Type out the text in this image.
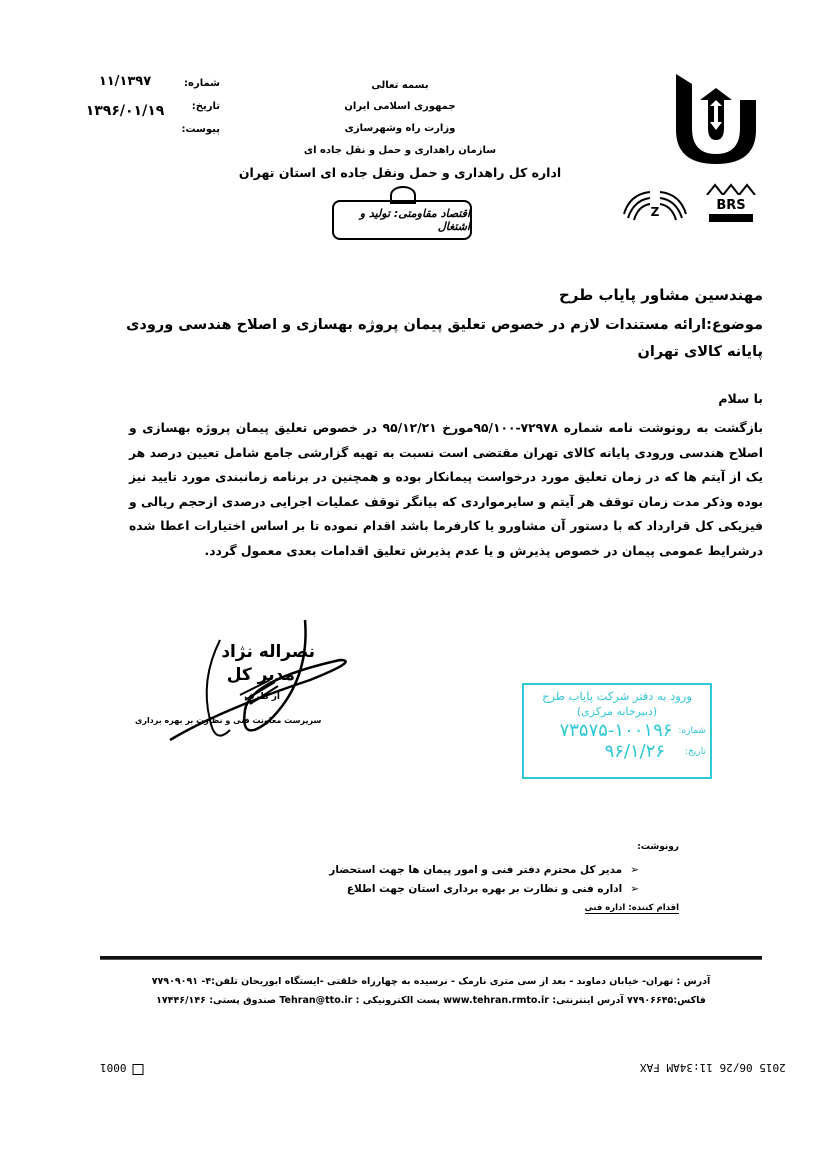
Z	BRS
بسمه تعالی
جمهوری اسلامی ایران
وزارت راه وشهرسازی
سازمان راهداری و حمل و نقل جاده ای
اداره کل راهداری و حمل ونقل جاده ای استان تهران
اقتصاد مقاومتی: تولید و اشتغال
شماره:
۱۱/۱۳۹۷
تاریخ:
۱۳۹۶/۰۱/۱۹
پیوست:
مهندسین مشاور پایاب طرح
موضوع:ارائه مستندات لازم در خصوص تعلیق پیمان پروژه بهسازی و اصلاح هندسی ورودی پایانه کالای تهران
با سلام
بازگشت به رونوشت نامه شماره ۷۲۹۷۸-۹۵/۱۰۰مورخ ۹۵/۱۲/۲۱ در خصوص تعلیق پیمان پروژه بهسازی و اصلاح هندسی ورودی پایانه کالای تهران مقتضی است نسبت به تهیه گزارشی جامع شامل تعیین درصد هر یک از آیتم ها که در زمان تعلیق مورد درخواست پیمانکار بوده و همچنین در برنامه زمانبندی مورد تایید نیز بوده وذکر مدت زمان توقف هر آیتم و سایرمواردی که بیانگر توقف عملیات اجرایی درصدی ازحجم ریالی و فیزیکی کل قرارداد که با دستور آن مشاورو یا کارفرما باشد اقدام نموده تا بر اساس اختیارات اعطا شده درشرایط عمومی پیمان در خصوص پذیرش و یا عدم پذیرش تعلیق اقدامات بعدی معمول گردد.
نصراله نژاد
مدیر کل
از طرف
سرپرست معاونت فنی و نظارت بر بهره برداری
ورود به دفتر شرکت پایاب طرح
(دبیرخانه مرکزی)
شماره:
۷۳۵۷۵-۱۰۰۱۹۶
تاریخ:
۹۶/۱/۲۶
رونوشت:
➢مدیر کل محترم دفتر فنی و امور پیمان ها جهت استحضار
➢اداره فنی و نظارت بر بهره برداری استان جهت اطلاع
اقدام کننده: اداره فنی
آدرس : تهران- خیابان دماوند - بعد از سی متری نارمک - نرسیده به چهارراه خلقتی -ایستگاه ابوریحان تلفن:۴- ۷۷۹۰۹۰۹۱
فاکس:۷۷۹۰۶۶۴۵ آدرس اینترنتی: www.tehran.rmto.ir پست الکترونیکی : Tehran@tto.ir صندوق پستی: ۱۷۴۴۶/۱۴۶
2015 06/26 11:34AM FAX
0001
